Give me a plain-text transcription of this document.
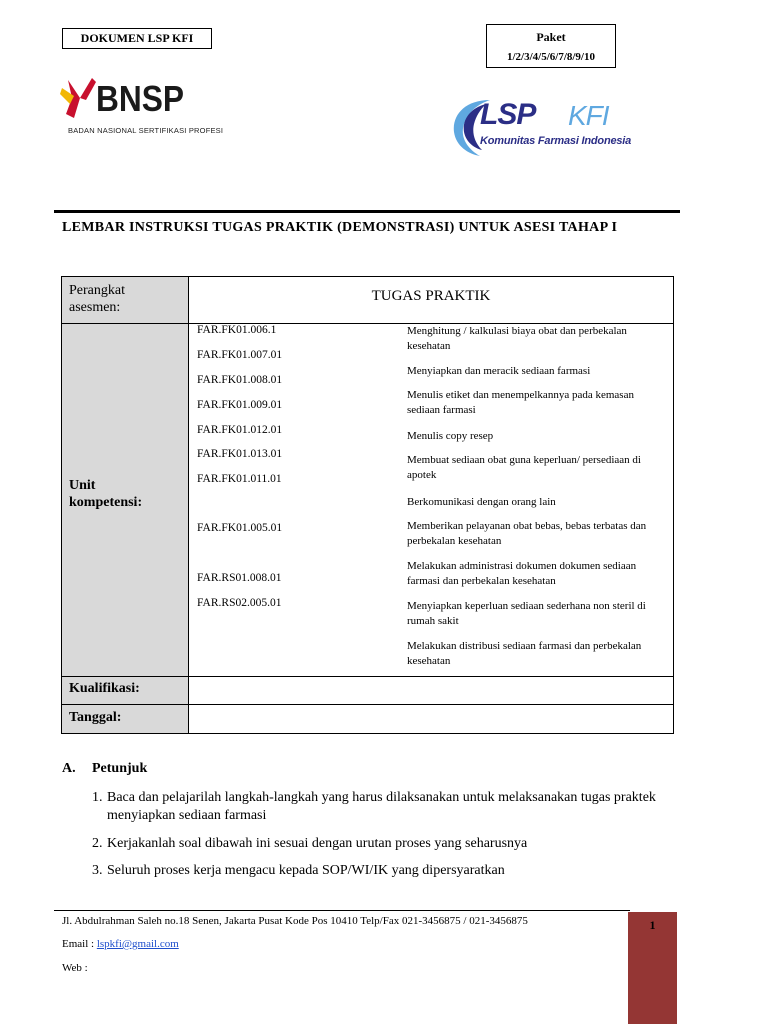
DOKUMEN LSP KFI	Paket
1/2/3/4/5/6/7/8/9/10
BNSP
BADAN NASIONAL SERTIFIKASI PROFESI	LSP KFI
Komunitas Farmasi Indonesia
LEMBAR INSTRUKSI TUGAS PRAKTIK (DEMONSTRASI) UNTUK ASESI TAHAP I
Perangkat
asesmen:
TUGAS PRAKTIK
Unit
kompetensi:
FAR.FK01.006.1
FAR.FK01.007.01
FAR.FK01.008.01
FAR.FK01.009.01
FAR.FK01.012.01
FAR.FK01.013.01
FAR.FK01.011.01
FAR.FK01.005.01
FAR.RS01.008.01
FAR.RS02.005.01
Menghitung / kalkulasi biaya obat dan perbekalan kesehatan
Menyiapkan dan meracik sediaan farmasi
Menulis etiket dan menempelkannya pada kemasan sediaan farmasi
Menulis copy resep
Membuat sediaan obat guna keperluan/ persediaan di apotek
Berkomunikasi dengan orang lain
Memberikan pelayanan obat bebas, bebas terbatas dan perbekalan kesehatan
Melakukan administrasi dokumen dokumen sediaan farmasi dan perbekalan kesehatan
Menyiapkan keperluan sediaan sederhana non steril di rumah sakit
Melakukan distribusi sediaan farmasi dan perbekalan kesehatan
Kualifikasi:
Tanggal:
A. Petunjuk
1. Baca dan pelajarilah langkah-langkah yang harus dilaksanakan untuk melaksanakan tugas praktek menyiapkan sediaan farmasi
2. Kerjakanlah soal dibawah ini sesuai dengan urutan proses yang seharusnya
3. Seluruh proses kerja mengacu kepada SOP/WI/IK yang dipersyaratkan
Jl. Abdulrahman Saleh no.18 Senen, Jakarta Pusat Kode Pos 10410 Telp/Fax 021-3456875 / 021-3456875
Email : lspkfi@gmail.com
Web :
1
